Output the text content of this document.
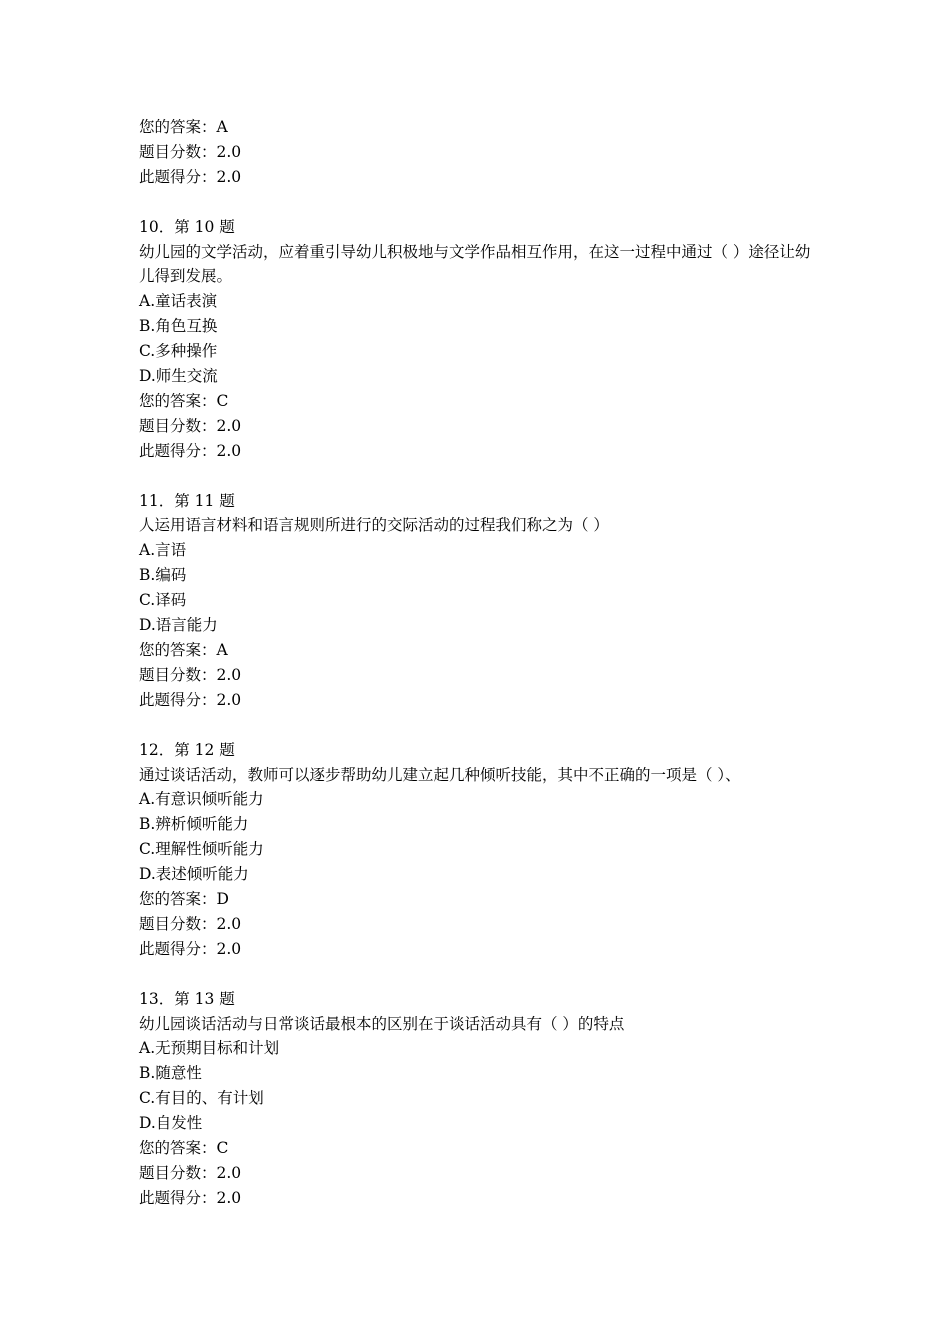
您的答案：A
题目分数：2.0
此题得分：2.0
10．第 10 题
幼儿园的文学活动，应着重引导幼儿积极地与文学作品相互作用，在这一过程中通过（ ）途径让幼儿得到发展。
A.童话表演
B.角色互换
C.多种操作
D.师生交流
您的答案：C
题目分数：2.0
此题得分：2.0
11．第 11 题
人运用语言材料和语言规则所进行的交际活动的过程我们称之为（ ）
A.言语
B.编码
C.译码
D.语言能力
您的答案：A
题目分数：2.0
此题得分：2.0
12．第 12 题
通过谈话活动，教师可以逐步帮助幼儿建立起几种倾听技能，其中不正确的一项是（ ）、
A.有意识倾听能力
B.辨析倾听能力
C.理解性倾听能力
D.表述倾听能力
您的答案：D
题目分数：2.0
此题得分：2.0
13．第 13 题
幼儿园谈话活动与日常谈话最根本的区别在于谈话活动具有（ ）的特点
A.无预期目标和计划
B.随意性
C.有目的、有计划
D.自发性
您的答案：C
题目分数：2.0
此题得分：2.0
